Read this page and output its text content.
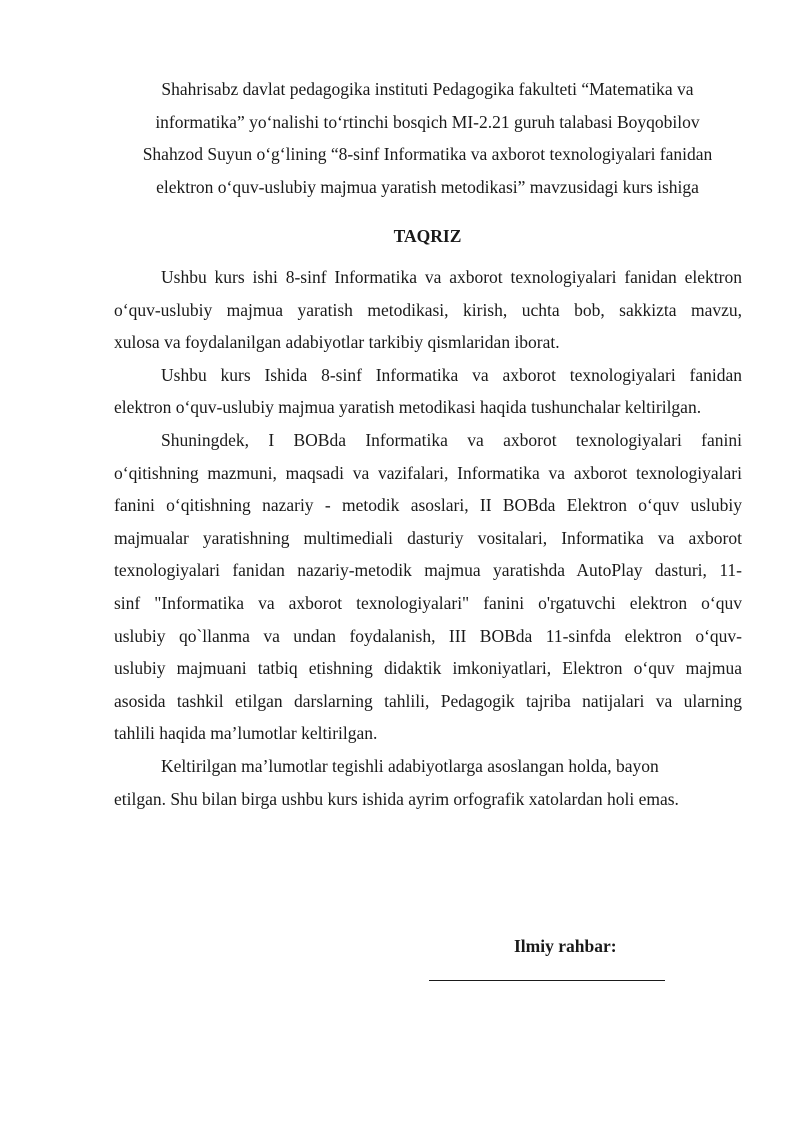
Shahrisabz davlat pedagogika instituti Pedagogika fakulteti “Matematika va
informatika” yo‘nalishi to‘rtinchi bosqich MI-2.21 guruh talabasi Boyqobilov
Shahzod Suyun o‘g‘lining “8-sinf Informatika va axborot texnologiyalari fanidan
elektron o‘quv-uslubiy majmua yaratish metodikasi” mavzusidagi kurs ishiga
TAQRIZ
Ushbu kurs ishi 8-sinf Informatika va axborot texnologiyalari fanidan elektron
o‘quv-uslubiy majmua yaratish metodikasi, kirish, uchta bob, sakkizta mavzu,
xulosa va foydalanilgan adabiyotlar tarkibiy qismlaridan iborat.
Ushbu kurs Ishida 8-sinf Informatika va axborot texnologiyalari fanidan
elektron o‘quv-uslubiy majmua yaratish metodikasi haqida tushunchalar keltirilgan.
Shuningdek, I BOBda Informatika va axborot texnologiyalari fanini
o‘qitishning mazmuni, maqsadi va vazifalari, Informatika va axborot texnologiyalari
fanini o‘qitishning nazariy - metodik asoslari, II BOBda Elektron o‘quv uslubiy
majmualar yaratishning multimediali dasturiy vositalari, Informatika va axborot
texnologiyalari fanidan nazariy-metodik majmua yaratishda AutoPlay dasturi, 11-
sinf "Informatika va axborot texnologiyalari" fanini o'rgatuvchi elektron o‘quv
uslubiy qo`llanma va undan foydalanish, III BOBda 11-sinfda elektron o‘quv-
uslubiy majmuani tatbiq etishning didaktik imkoniyatlari, Elektron o‘quv majmua
asosida tashkil etilgan darslarning tahlili, Pedagogik tajriba natijalari va ularning
tahlili haqida ma’lumotlar keltirilgan.
Keltirilgan ma’lumotlar tegishli adabiyotlarga asoslangan holda, bayon
etilgan. Shu bilan birga ushbu kurs ishida ayrim orfografik xatolardan holi emas.
Ilmiy rahbar:
